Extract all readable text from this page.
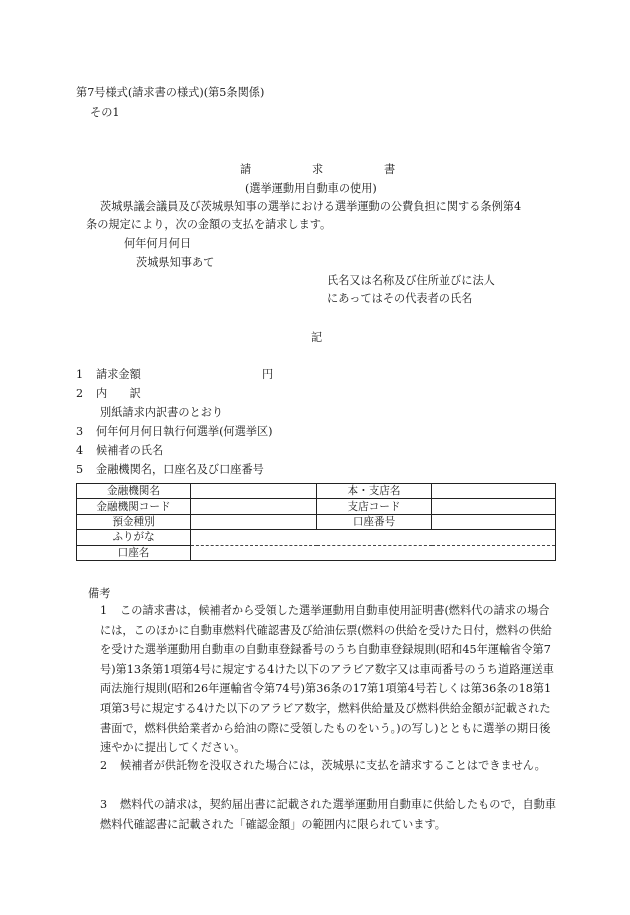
第7号様式(請求書の様式)(第5条関係)
その1
請	求	書
(選挙運動用自動車の使用)
茨城県議会議員及び茨城県知事の選挙における選挙運動の公費負担に関する条例第4
条の規定により，次の金額の支払を請求します。
何年何月何日
茨城県知事あて
氏名又は名称及び住所並びに法人
にあってはその代表者の氏名
記
1 請求金額	円
2 内　　訳
別紙請求内訳書のとおり
3 何年何月何日執行何選挙(何選挙区)
4 候補者の氏名
5 金融機関名，口座名及び口座番号
金融機関名		本・支店名	
金融機関コード		支店コード	
預金種別		口座番号	
ふりがな			
口座名			
備考
1	この請求書は，候補者から受領した選挙運動用自動車使用証明書(燃料代の請求の場合には，このほかに自動車燃料代確認書及び給油伝票(燃料の供給を受けた日付，燃料の供給を受けた選挙運動用自動車の自動車登録番号のうち自動車登録規則(昭和45年運輸省令第7号)第13条第1項第4号に規定する4けた以下のアラビア数字又は車両番号のうち道路運送車両法施行規則(昭和26年運輸省令第74号)第36条の17第1項第4号若しくは第36条の18第1項第3号に規定する4けた以下のアラビア数字，燃料供給量及び燃料供給金額が記載された書面で，燃料供給業者から給油の際に受領したものをいう。)の写し)とともに選挙の期日後速やかに提出してください。
2	候補者が供託物を没収された場合には，茨城県に支払を請求することはできません。
3	燃料代の請求は，契約届出書に記載された選挙運動用自動車に供給したもので，自動車燃料代確認書に記載された「確認金額」の範囲内に限られています。
